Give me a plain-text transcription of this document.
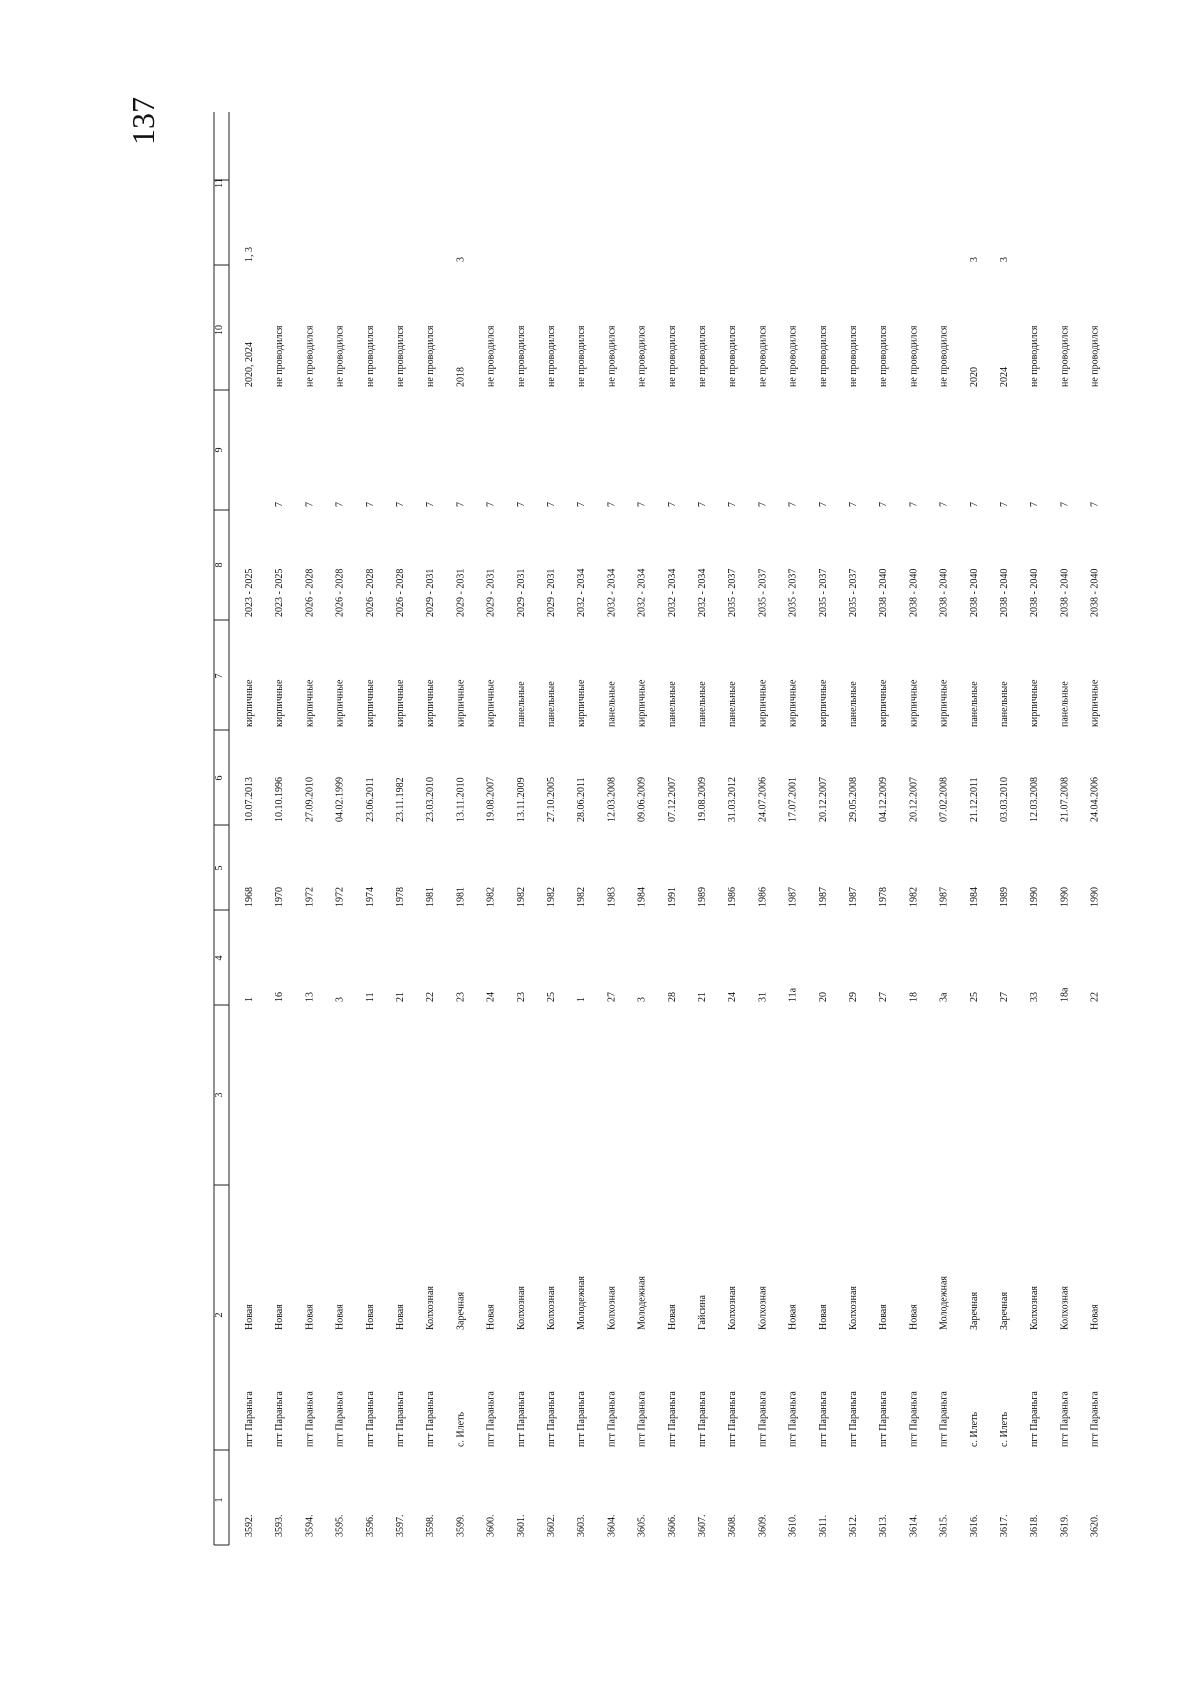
137
1
2
3
4
5
6
7
8
9
10
11
3592.
пгт Параньга
Новая
1
1968
10.07.2013
кирпичные
2023 - 2025
2020, 2024
1, 3
3593.
пгт Параньга
Новая
16
1970
10.10.1996
кирпичные
2023 - 2025
7
не проводился
3594.
пгт Параньга
Новая
13
1972
27.09.2010
кирпичные
2026 - 2028
7
не проводился
3595.
пгт Параньга
Новая
3
1972
04.02.1999
кирпичные
2026 - 2028
7
не проводился
3596.
пгт Параньга
Новая
11
1974
23.06.2011
кирпичные
2026 - 2028
7
не проводился
3597.
пгт Параньга
Новая
21
1978
23.11.1982
кирпичные
2026 - 2028
7
не проводился
3598.
пгт Параньга
Колхозная
22
1981
23.03.2010
кирпичные
2029 - 2031
7
не проводился
3599.
с. Илеть
Заречная
23
1981
13.11.2010
кирпичные
2029 - 2031
7
2018
3
3600.
пгт Параньга
Новая
24
1982
19.08.2007
кирпичные
2029 - 2031
7
не проводился
3601.
пгт Параньга
Колхозная
23
1982
13.11.2009
панельные
2029 - 2031
7
не проводился
3602.
пгт Параньга
Колхозная
25
1982
27.10.2005
панельные
2029 - 2031
7
не проводился
3603.
пгт Параньга
Молодежная
1
1982
28.06.2011
кирпичные
2032 - 2034
7
не проводился
3604.
пгт Параньга
Колхозная
27
1983
12.03.2008
панельные
2032 - 2034
7
не проводился
3605.
пгт Параньга
Молодежная
3
1984
09.06.2009
кирпичные
2032 - 2034
7
не проводился
3606.
пгт Параньга
Новая
28
1991
07.12.2007
панельные
2032 - 2034
7
не проводился
3607.
пгт Параньга
Гайсина
21
1989
19.08.2009
панельные
2032 - 2034
7
не проводился
3608.
пгт Параньга
Колхозная
24
1986
31.03.2012
панельные
2035 - 2037
7
не проводился
3609.
пгт Параньга
Колхозная
31
1986
24.07.2006
кирпичные
2035 - 2037
7
не проводился
3610.
пгт Параньга
Новая
11а
1987
17.07.2001
кирпичные
2035 - 2037
7
не проводился
3611.
пгт Параньга
Новая
20
1987
20.12.2007
кирпичные
2035 - 2037
7
не проводился
3612.
пгт Параньга
Колхозная
29
1987
29.05.2008
панельные
2035 - 2037
7
не проводился
3613.
пгт Параньга
Новая
27
1978
04.12.2009
кирпичные
2038 - 2040
7
не проводился
3614.
пгт Параньга
Новая
18
1982
20.12.2007
кирпичные
2038 - 2040
7
не проводился
3615.
пгт Параньга
Молодежная
3а
1987
07.02.2008
кирпичные
2038 - 2040
7
не проводился
3616.
с. Илеть
Заречная
25
1984
21.12.2011
панельные
2038 - 2040
7
2020
3
3617.
с. Илеть
Заречная
27
1989
03.03.2010
панельные
2038 - 2040
7
2024
3
3618.
пгт Параньга
Колхозная
33
1990
12.03.2008
кирпичные
2038 - 2040
7
не проводился
3619.
пгт Параньга
Колхозная
18а
1990
21.07.2008
панельные
2038 - 2040
7
не проводился
3620.
пгт Параньга
Новая
22
1990
24.04.2006
кирпичные
2038 - 2040
7
не проводился
